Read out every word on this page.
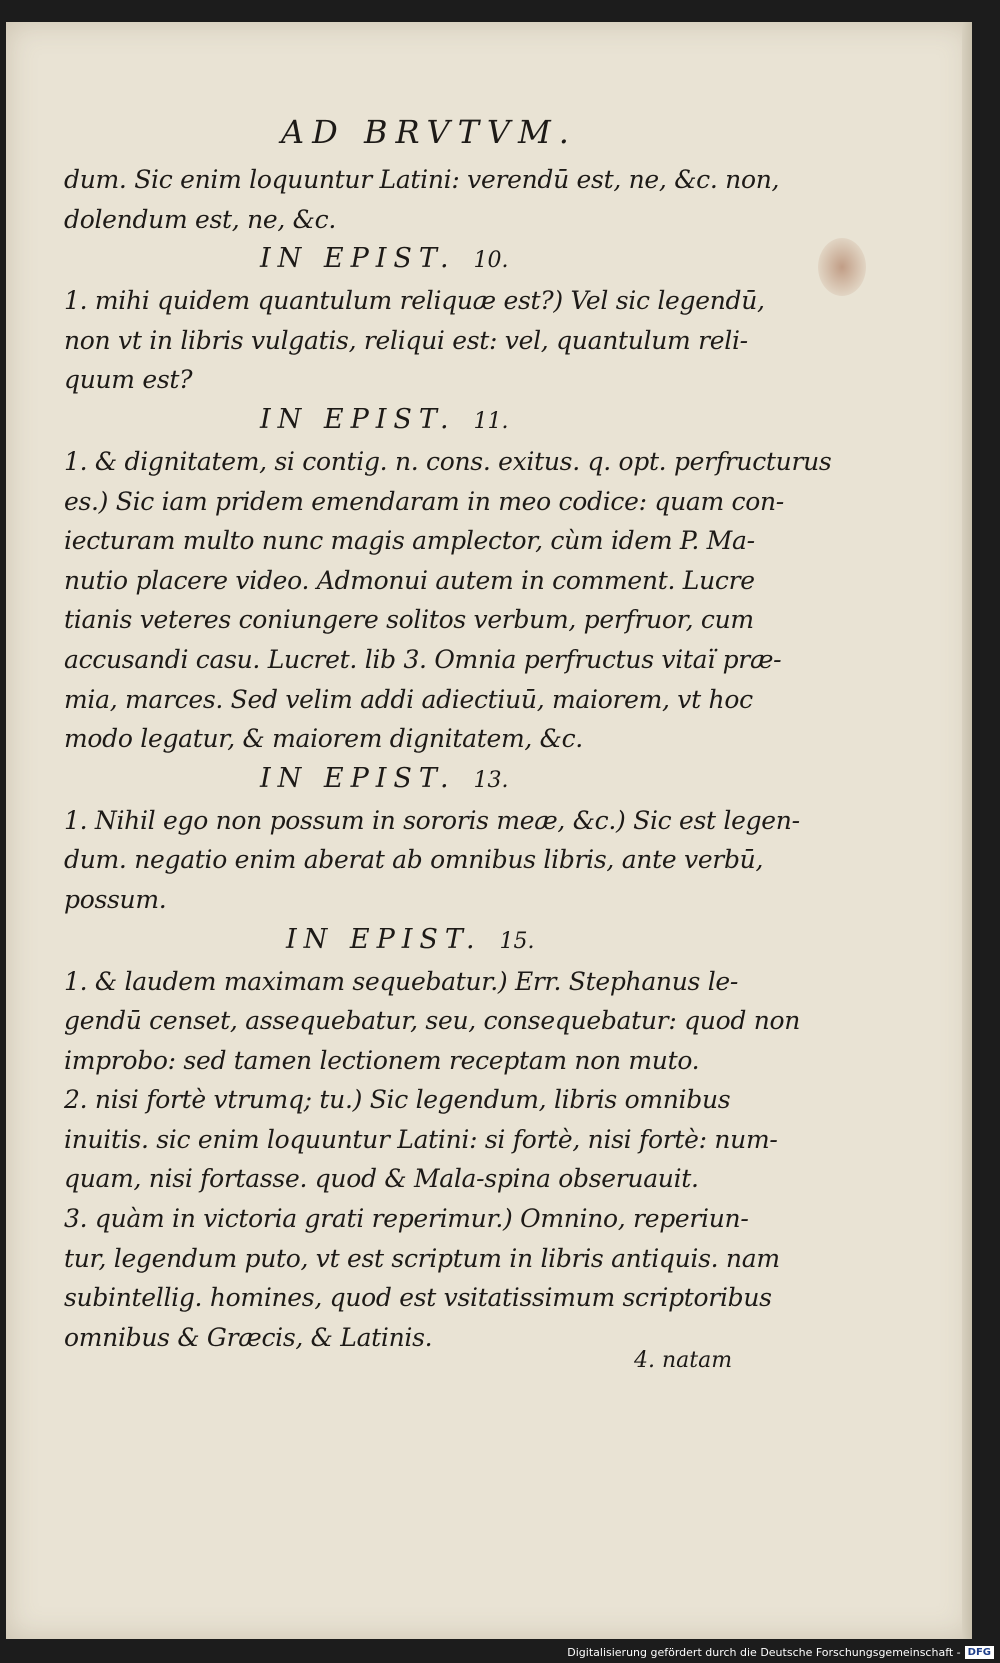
AD BRVTVM.
dum. Sic enim loquuntur Latini: verendū est, ne, &c. non,
dolendum est, ne, &c.
IN EPIST. 10.
1. mihi quidem quantulum reliquæ est?) Vel sic legendū,
non vt in libris vulgatis, reliqui est: vel, quantulum reli-
quum est?
IN EPIST. 11.
1. & dignitatem, si contig. n. cons. exitus. q. opt. perfructurus
es.) Sic iam pridem emendaram in meo codice: quam con-
iecturam multo nunc magis amplector, cùm idem P. Ma-
nutio placere video. Admonui autem in comment. Lucre
tianis veteres coniungere solitos verbum, perfruor, cum
accusandi casu. Lucret. lib 3. Omnia perfructus vitaï præ-
mia, marces. Sed velim addi adiectiuū, maiorem, vt hoc
modo legatur, & maiorem dignitatem, &c.
IN EPIST. 13.
1. Nihil ego non possum in sororis meæ, &c.) Sic est legen-
dum. negatio enim aberat ab omnibus libris, ante verbū,
possum.
IN EPIST. 15.
1. & laudem maximam sequebatur.) Err. Stephanus le-
gendū censet, assequebatur, seu, consequebatur: quod non
improbo: sed tamen lectionem receptam non muto.
2. nisi fortè vtrumq; tu.) Sic legendum, libris omnibus
inuitis. sic enim loquuntur Latini: si fortè, nisi fortè: num-
quam, nisi fortasse. quod & Mala-spina obseruauit.
3. quàm in victoria grati reperimur.) Omnino, reperiun-
tur, legendum puto, vt est scriptum in libris antiquis. nam
subintellig. homines, quod est vsitatissimum scriptoribus
omnibus & Græcis, & Latinis.
4. natam
Digitalisierung gefördert durch die Deutsche Forschungsgemeinschaft - DFG
